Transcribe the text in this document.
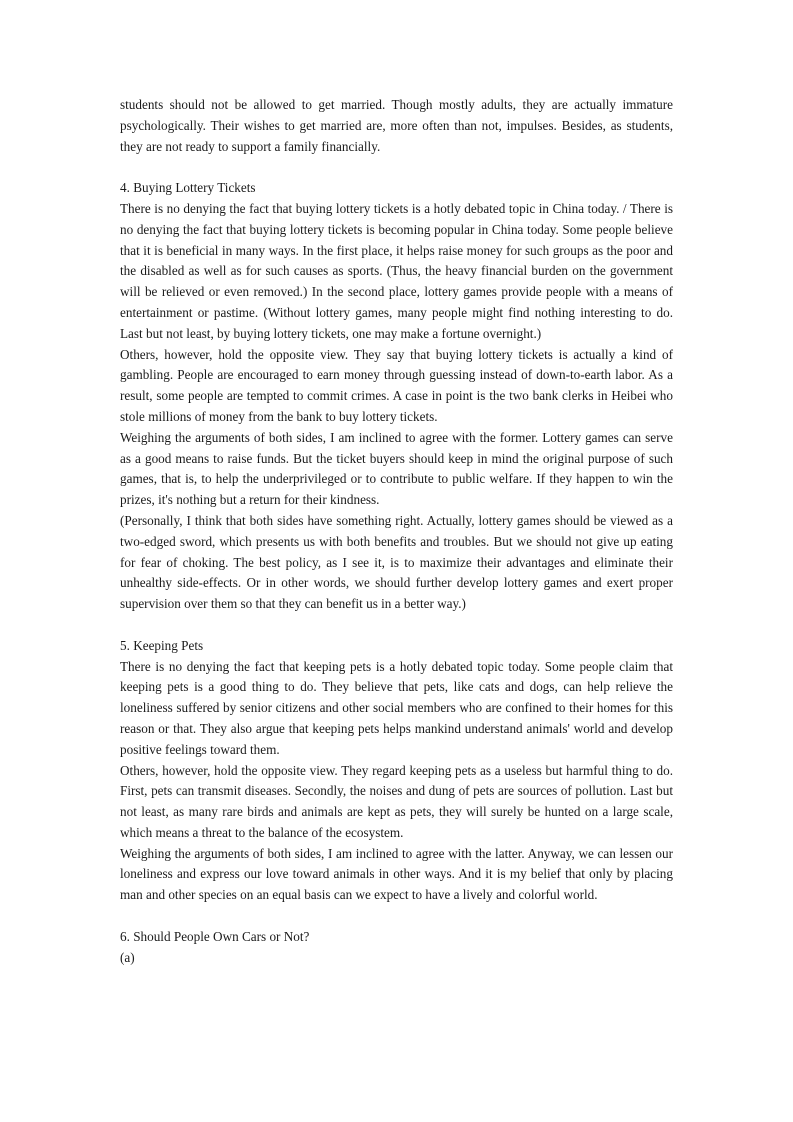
students should not be allowed to get married. Though mostly adults, they are actually immature psychologically. Their wishes to get married are, more often than not, impulses. Besides, as students, they are not ready to support a family financially.

4. Buying Lottery Tickets

There is no denying the fact that buying lottery tickets is a hotly debated topic in China today. / There is no denying the fact that buying lottery tickets is becoming popular in China today. Some people believe that it is beneficial in many ways. In the first place, it helps raise money for such groups as the poor and the disabled as well as for such causes as sports. (Thus, the heavy financial burden on the government will be relieved or even removed.) In the second place, lottery games provide people with a means of entertainment or pastime. (Without lottery games, many people might find nothing interesting to do. Last but not least, by buying lottery tickets, one may make a fortune overnight.)

Others, however, hold the opposite view. They say that buying lottery tickets is actually a kind of gambling. People are encouraged to earn money through guessing instead of down-to-earth labor. As a result, some people are tempted to commit crimes. A case in point is the two bank clerks in Heibei who stole millions of money from the bank to buy lottery tickets.

Weighing the arguments of both sides, I am inclined to agree with the former. Lottery games can serve as a good means to raise funds. But the ticket buyers should keep in mind the original purpose of such games, that is, to help the underprivileged or to contribute to public welfare. If they happen to win the prizes, it's nothing but a return for their kindness.

(Personally, I think that both sides have something right. Actually, lottery games should be viewed as a two-edged sword, which presents us with both benefits and troubles. But we should not give up eating for fear of choking. The best policy, as I see it, is to maximize their advantages and eliminate their unhealthy side-effects. Or in other words, we should further develop lottery games and exert proper supervision over them so that they can benefit us in a better way.)

5. Keeping Pets

There is no denying the fact that keeping pets is a hotly debated topic today. Some people claim that keeping pets is a good thing to do. They believe that pets, like cats and dogs, can help relieve the loneliness suffered by senior citizens and other social members who are confined to their homes for this reason or that. They also argue that keeping pets helps mankind understand animals' world and develop positive feelings toward them.

Others, however, hold the opposite view. They regard keeping pets as a useless but harmful thing to do. First, pets can transmit diseases. Secondly, the noises and dung of pets are sources of pollution. Last but not least, as many rare birds and animals are kept as pets, they will surely be hunted on a large scale, which means a threat to the balance of the ecosystem.

Weighing the arguments of both sides, I am inclined to agree with the latter. Anyway, we can lessen our loneliness and express our love toward animals in other ways. And it is my belief that only by placing man and other species on an equal basis can we expect to have a lively and colorful world.

6. Should People Own Cars or Not?

(a)
